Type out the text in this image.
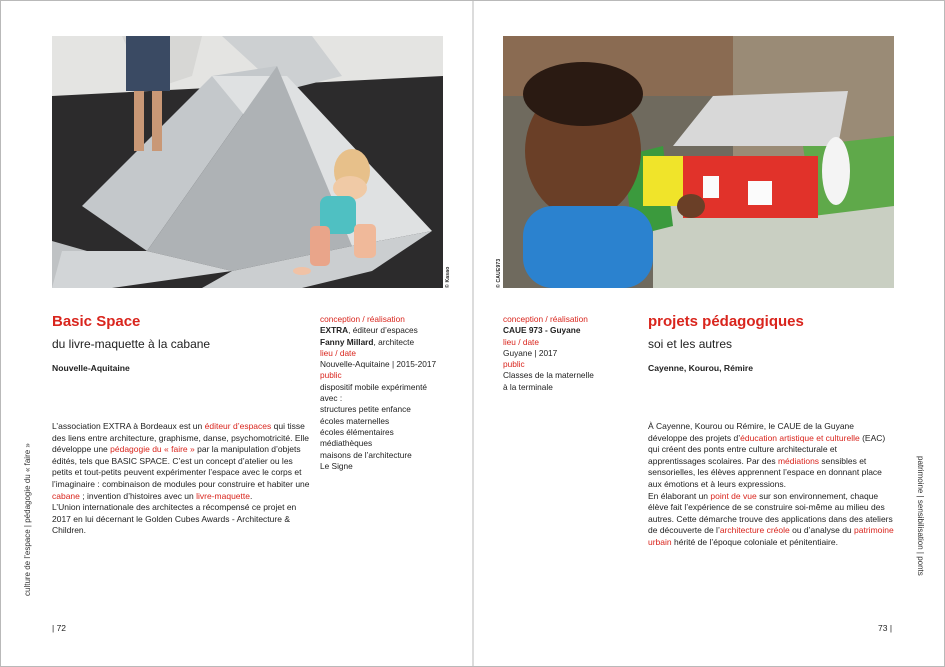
© Kasao
Basic Space
du livre-maquette à la cabane
Nouvelle-Aquitaine
conception / réalisation
EXTRA, éditeur d’espaces
Fanny Millard, architecte
lieu / date
Nouvelle-Aquitaine | 2015-2017
public
dispositif mobile expérimenté
avec :
structures petite enfance
écoles maternelles
écoles élémentaires
médiathèques
maisons de l’architecture
Le Signe
L’association EXTRA à Bordeaux est un éditeur d’espaces qui tisse des liens entre architecture, graphisme, danse, psychomotricité. Elle développe une pédagogie du « faire » par la manipulation d’objets édités, tels que BASIC SPACE. C’est un concept d’atelier ou les petits et tout-petits peuvent expérimenter l’espace avec le corps et l’imaginaire : combinaison de modules pour construire et habiter une cabane ; invention d’histoires avec un livre-maquette.
L’Union internationale des architectes a récompensé ce projet en 2017 en lui décernant le Golden Cubes Awards - Architecture & Children.
culture de l’espace | pédagogie du « faire »
| 72
© CAUE973
conception / réalisation
CAUE 973 - Guyane
lieu / date
Guyane | 2017
public
Classes de la maternelle
à la terminale
projets pédagogiques
soi et les autres
Cayenne, Kourou, Rémire
À Cayenne, Kourou ou Rémire, le CAUE de la Guyane développe des projets d’éducation artistique et culturelle (EAC) qui créent des ponts entre culture architecturale et apprentissages scolaires. Par des médiations sensibles et sensorielles, les élèves apprennent l’espace en donnant place aux émotions et à leurs expressions.
En élaborant un point de vue sur son environnement, chaque élève fait l’expérience de se construire soi-même au milieu des autres. Cette démarche trouve des applications dans des ateliers de découverte de l’architecture créole ou d’analyse du patrimoine urbain hérité de l’époque coloniale et pénitentiaire.	patrimoine | sensibilisation | ponts
73 |
